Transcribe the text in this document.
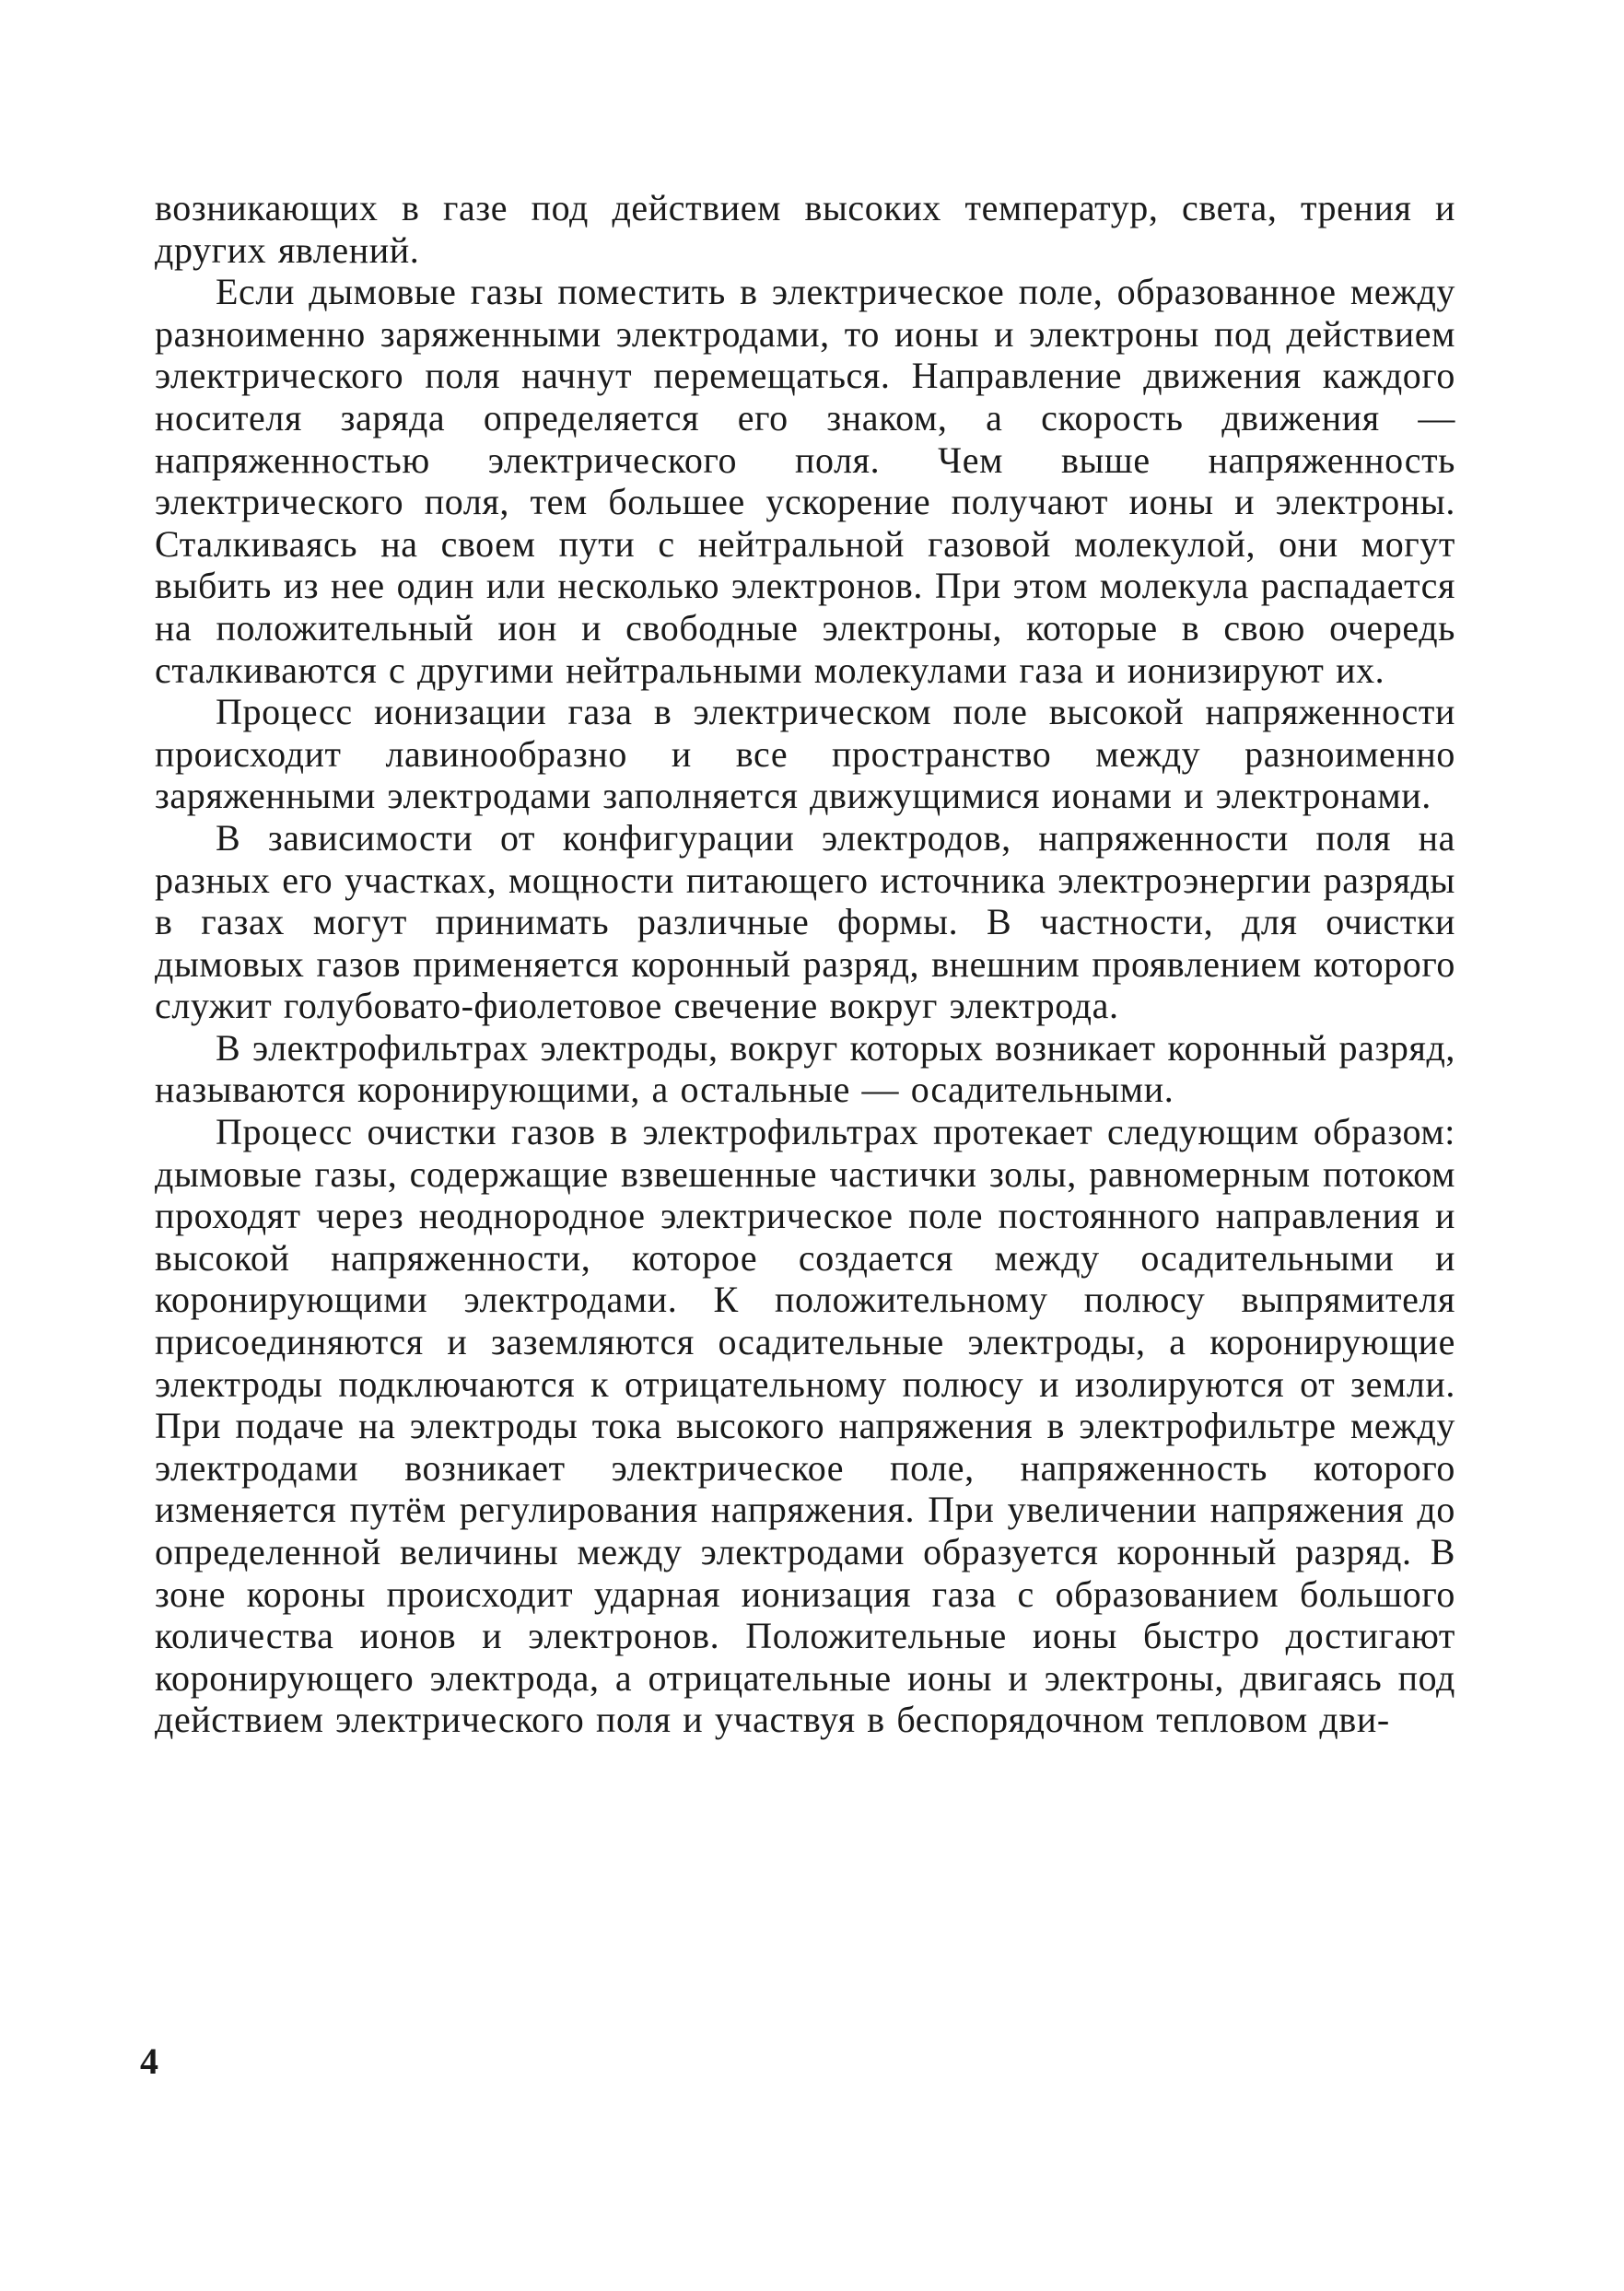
возникающих в газе под действием высоких температур, света, трения и других явлений.

Если дымовые газы поместить в электрическое поле, образованное между разноименно заряженными электродами, то ионы и электроны под действием электрического поля начнут перемещаться. Направление движения каждого носителя заряда определяется его знаком, а скорость движения — напряженностью электрического поля. Чем выше напряженность электрического поля, тем большее ускорение получают ионы и электроны. Сталкиваясь на своем пути с нейтральной газовой молекулой, они могут выбить из нее один или несколько электронов. При этом молекула распадается на положительный ион и свободные электроны, которые в свою очередь сталкиваются с другими нейтральными молекулами газа и ионизируют их.

Процесс ионизации газа в электрическом поле высокой напряженности происходит лавинообразно и все пространство между разноименно заряженными электродами заполняется движущимися ионами и электронами.

В зависимости от конфигурации электродов, напряженности поля на разных его участках, мощности питающего источника электроэнергии разряды в газах могут принимать различные формы. В частности, для очистки дымовых газов применяется коронный разряд, внешним проявлением которого служит голубовато-фиолетовое свечение вокруг электрода.

В электрофильтрах электроды, вокруг которых возникает коронный разряд, называются коронирующими, а остальные — осадительными.

Процесс очистки газов в электрофильтрах протекает следующим образом: дымовые газы, содержащие взвешенные частички золы, равномерным потоком проходят через неоднородное электрическое поле постоянного направления и высокой напряженности, которое создается между осадительными и коронирующими электродами. К положительному полюсу выпрямителя присоединяются и заземляются осадительные электроды, а коронирующие электроды подключаются к отрицательному полюсу и изолируются от земли. При подаче на электроды тока высокого напряжения в электрофильтре между электродами возникает электрическое поле, напряженность которого изменяется путём регулирования напряжения. При увеличении напряжения до определенной величины между электродами образуется коронный разряд. В зоне короны происходит ударная ионизация газа с образованием большого количества ионов и электронов. Положительные ионы быстро достигают коронирующего электрода, а отрицательные ионы и электроны, двигаясь под действием электрического поля и участвуя в беспорядочном тепловом дви-

4
